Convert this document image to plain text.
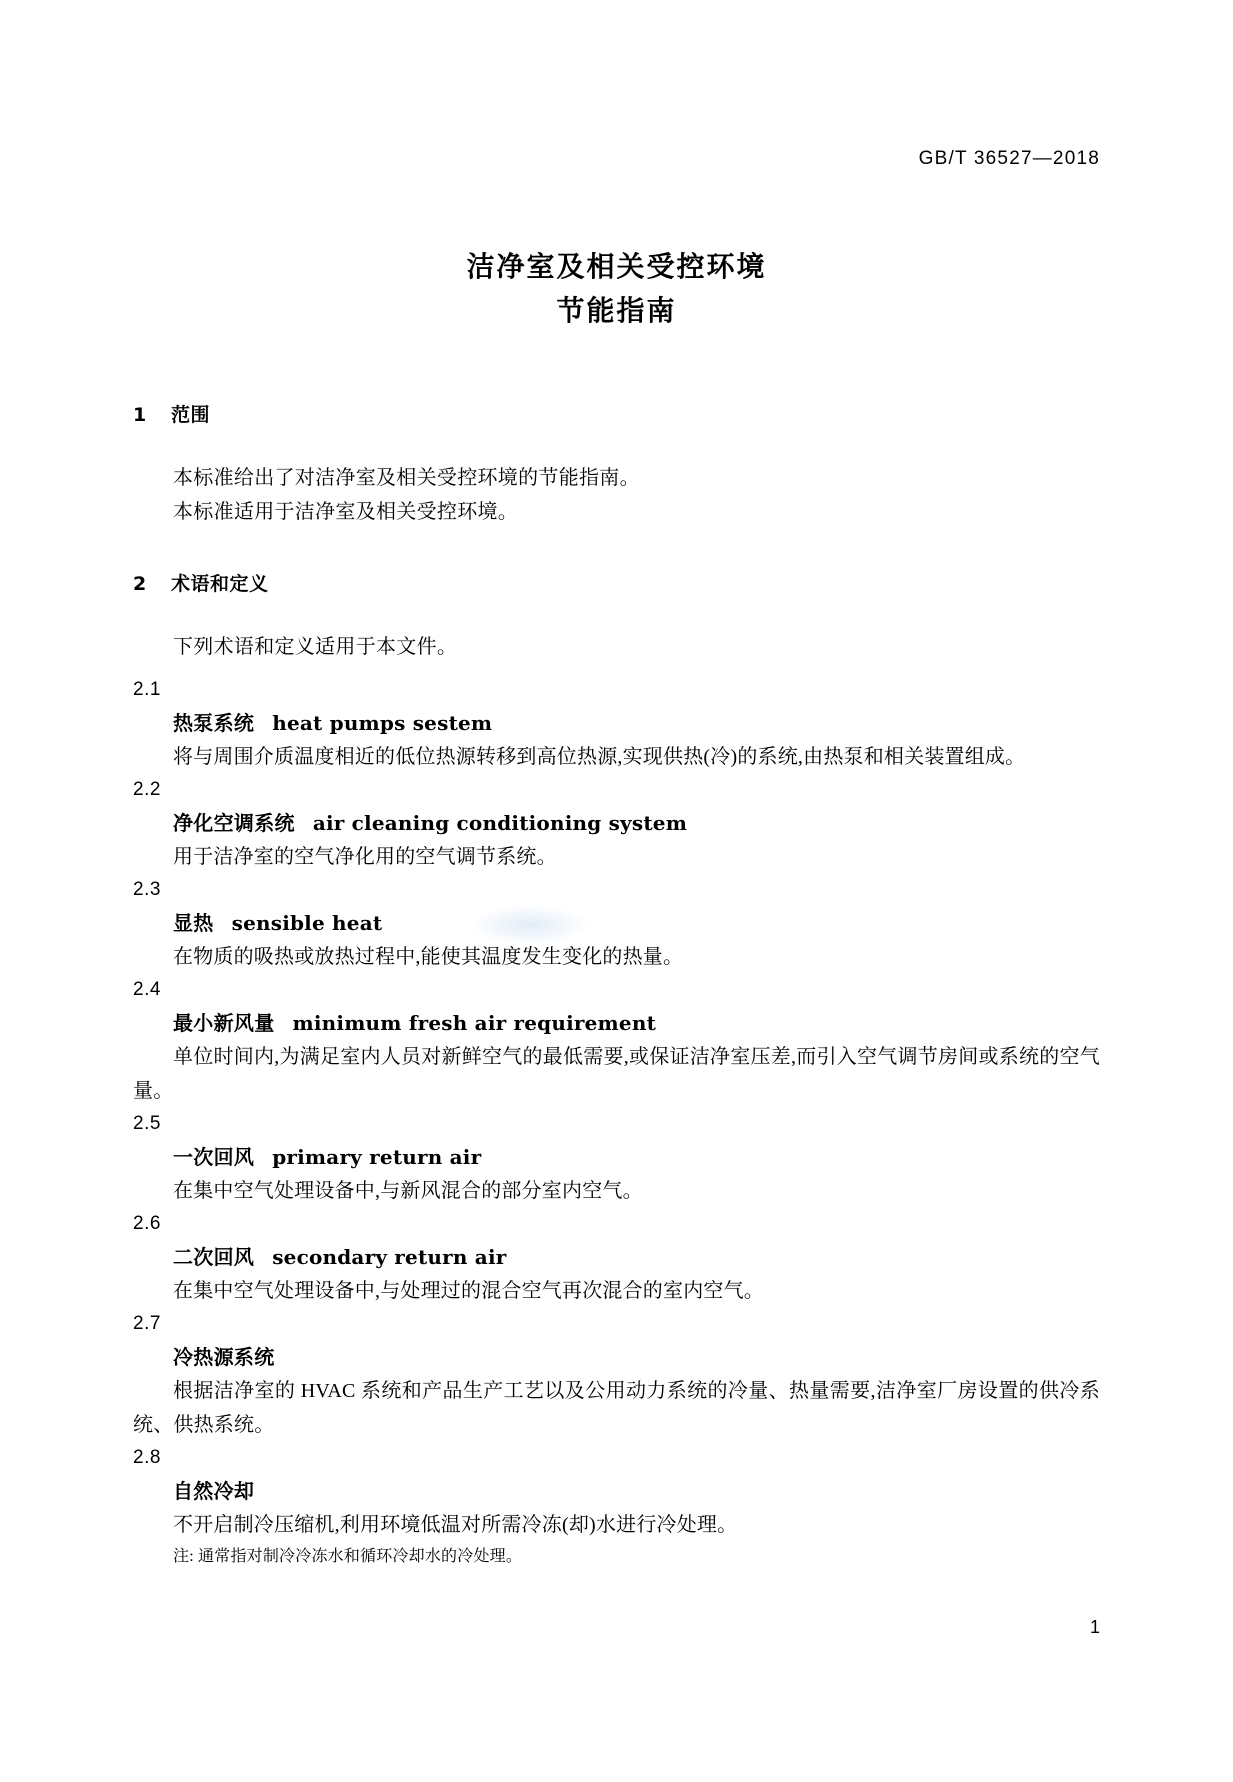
GB/T 36527—2018
洁净室及相关受控环境
节能指南
1 范围

本标准给出了对洁净室及相关受控环境的节能指南。

本标准适用于洁净室及相关受控环境。

2 术语和定义

下列术语和定义适用于本文件。

2.1

热泵系统 heat pumps sestem

将与周围介质温度相近的低位热源转移到高位热源,实现供热(冷)的系统,由热泵和相关装置组成。

2.2

净化空调系统 air cleaning conditioning system

用于洁净室的空气净化用的空气调节系统。

2.3

显热 sensible heat

在物质的吸热或放热过程中,能使其温度发生变化的热量。

2.4

最小新风量 minimum fresh air requirement

单位时间内,为满足室内人员对新鲜空气的最低需要,或保证洁净室压差,而引入空气调节房间或系统的空气量。

2.5

一次回风 primary return air

在集中空气处理设备中,与新风混合的部分室内空气。

2.6

二次回风 secondary return air

在集中空气处理设备中,与处理过的混合空气再次混合的室内空气。

2.7

冷热源系统

根据洁净室的 HVAC 系统和产品生产工艺以及公用动力系统的冷量、热量需要,洁净室厂房设置的供冷系统、供热系统。

2.8

自然冷却

不开启制冷压缩机,利用环境低温对所需冷冻(却)水进行冷处理。

注: 通常指对制冷冷冻水和循环冷却水的冷处理。

1
